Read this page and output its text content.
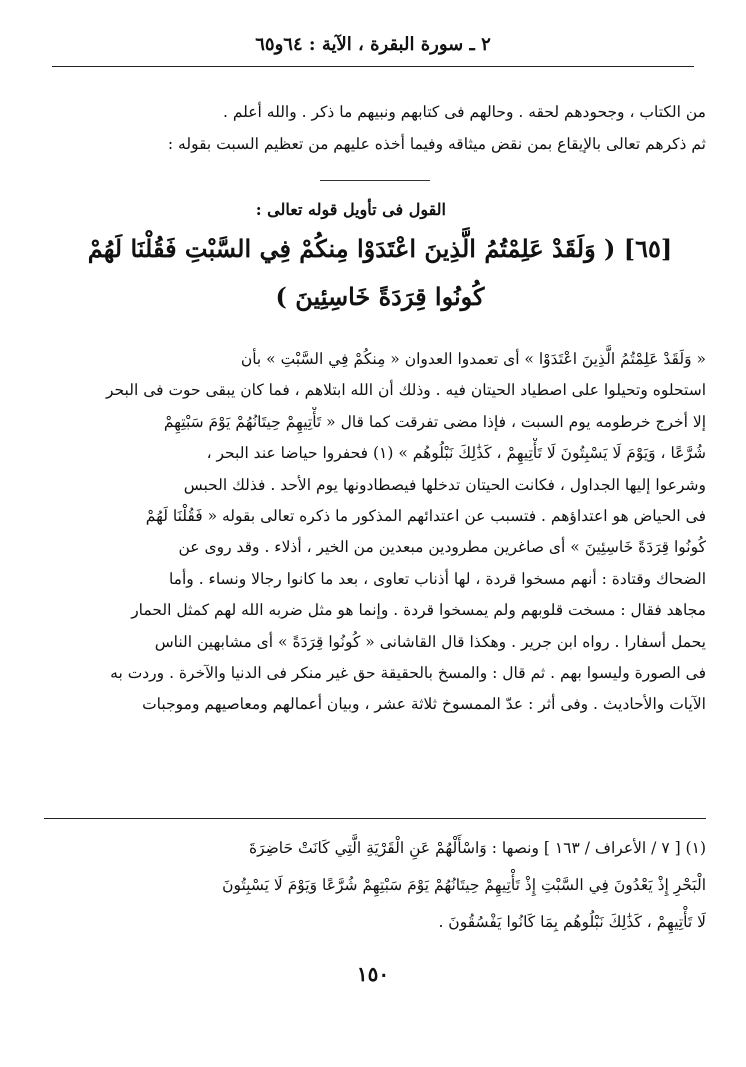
٢ ـ سورة البقرة ، الآية : ٦٤و٦٥
من الكتاب ، وجحودهم لحقه . وحالهم فى كتابهم ونبيهم ما ذكر . والله أعلم .
ثم ذكرهم تعالى بالإيقاع بمن نقض ميثاقه وفيما أخذه عليهم من تعظيم السبت بقوله :
القول فى تأويل قوله تعالى :
[٦٥] ( وَلَقَدْ عَلِمْتُمُ الَّذِينَ اعْتَدَوْا مِنكُمْ فِي السَّبْتِ فَقُلْنَا لَهُمْ
كُونُوا قِرَدَةً خَاسِئِينَ )
« وَلَقَدْ عَلِمْتُمُ الَّذِينَ اعْتَدَوْا » أى تعمدوا العدوان « مِنكُمْ فِي السَّبْتِ » بأن
استحلوه وتحيلوا على اصطياد الحيتان فيه . وذلك أن الله ابتلاهم ، فما كان يبقى حوت فى البحر
إلا أخرج خرطومه يوم السبت ، فإذا مضى تفرقت كما قال « تَأْتِيهِمْ حِيتَانُهُمْ يَوْمَ سَبْتِهِمْ
شُرَّعًا ، وَيَوْمَ لَا يَسْبِتُونَ لَا تَأْتِيهِمْ ، كَذَٰلِكَ نَبْلُوهُم » (١) فحفروا حياضا عند البحر ،
وشرعوا إليها الجداول ، فكانت الحيتان تدخلها فيصطادونها يوم الأحد . فذلك الحبس
فى الحياض هو اعتداؤهم . فتسبب عن اعتدائهم المذكور ما ذكره تعالى بقوله « فَقُلْنَا لَهُمْ
كُونُوا قِرَدَةً خَاسِئِينَ » أى صاغرين مطرودين مبعدين من الخير ، أذلاء . وقد روى عن
الضحاك وقتادة : أنهم مسخوا قردة ، لها أذناب تعاوى ، بعد ما كانوا رجالا ونساء . وأما
مجاهد فقال : مسخت قلوبهم ولم يمسخوا قردة . وإنما هو مثل ضربه الله لهم كمثل الحمار
يحمل أسفارا . رواه ابن جرير . وهكذا قال القاشانى « كُونُوا قِرَدَةً » أى مشابهين الناس
فى الصورة وليسوا بهم . ثم قال : والمسخ بالحقيقة حق غير منكر فى الدنيا والآخرة . وردت به
الآيات والأحاديث . وفى أثر : عدّ الممسوخ ثلاثة عشر ، وبيان أعمالهم ومعاصيهم وموجبات
(١) [ ٧ / الأعراف / ١٦٣ ] ونصها : وَاسْأَلْهُمْ عَنِ الْقَرْيَةِ الَّتِي كَانَتْ حَاضِرَةَ
الْبَحْرِ إِذْ يَعْدُونَ فِي السَّبْتِ إِذْ تَأْتِيهِمْ حِيتَانُهُمْ يَوْمَ سَبْتِهِمْ شُرَّعًا وَيَوْمَ لَا يَسْبِتُونَ
لَا تَأْتِيهِمْ ، كَذَٰلِكَ نَبْلُوهُم بِمَا كَانُوا يَفْسُقُونَ .
١٥٠
